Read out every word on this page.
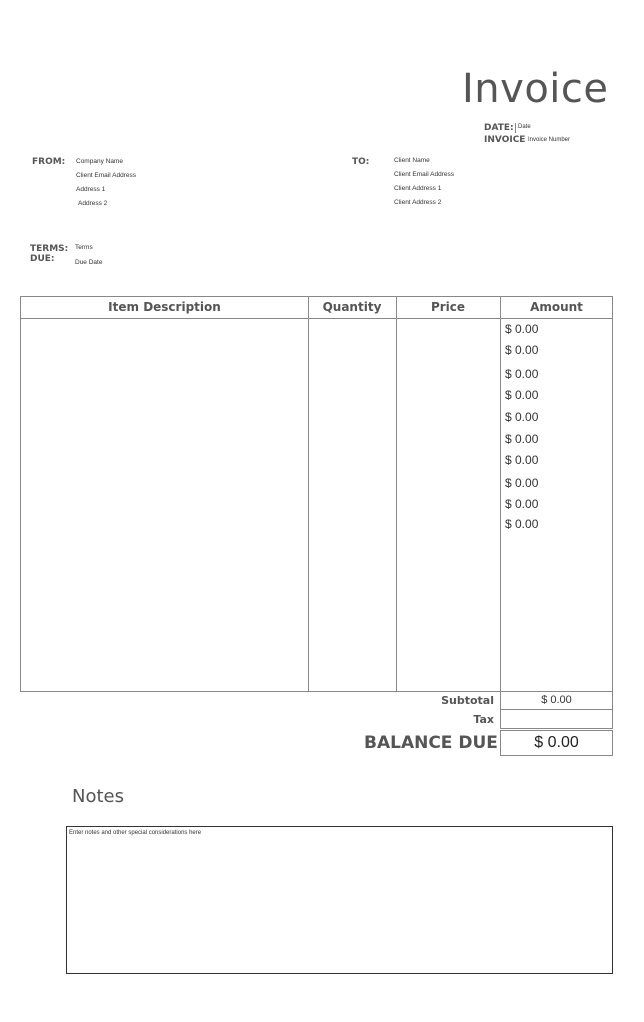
Invoice
DATE: Date
INVOICE Invoice Number
FROM: Company Name
Client Email Address
Address 1
Address 2
TO:	Client Name
Client Email Address
Client Address 1
Client Address 2
TERMS: Terms
DUE:	Due Date
Item Description	Quantity	Price	Amount
$ 0.00
$ 0.00
$ 0.00
$ 0.00
$ 0.00
$ 0.00
$ 0.00
$ 0.00
$ 0.00
$ 0.00
Subtotal	$ 0.00
Tax
BALANCE DUE	$ 0.00
Notes
Enter notes and other special considerations here
